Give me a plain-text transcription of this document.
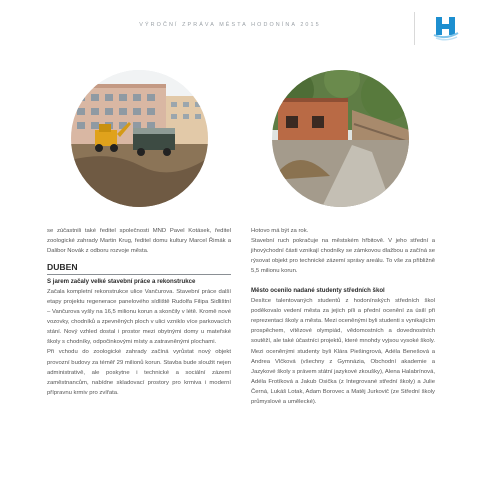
VÝROČNÍ ZPRÁVA MĚSTA HODONÍNA 2015

se zúčastnili také ředitel společnosti MND Pavel Kotásek, ředitel zoologické zahrady Martin Krug, ředitel domu kultury Marcel Řimák a Dalibor Novák z odboru rozvoje města.

DUBEN

S jarem začaly velké stavební práce a rekonstrukce

Začala kompletní rekonstrukce ulice Vančurova. Stavební práce další etapy projektu regenerace panelového sídliště Rudolfa Filipa Sidlištní – Vančurova vyšly na 16,5 milionu korun a skončily v létě. Kromě nové vozovky, chodníků a zpevněných ploch v ulici vzniklo více parkovacích stání. Nový vzhled dostal i prostor mezi obytnými domy u mateřské školy s chodníky, odpočinkovými místy a zatravněnými plochami.

Při vchodu do zoologické zahrady začíná vyrůstat nový objekt provozní budovy za téměř 29 milionů korun. Stavba bude sloužit nejen administrativě, ale poskytne i technické a sociální zázemí zaměstnancům, nabídne skladovací prostory pro krmiva i moderní přípravnu krmiv pro zvířata.

Hotovo má být za rok.

Stavební ruch pokračuje na městském hřbitově. V jeho střední a jihovýchodní části vznikají chodníky se zámkovou dlažbou a začíná se rýsovat objekt pro technické zázemí správy areálu. To vše za přibližně 5,5 milionu korun.

Město ocenilo nadané studenty středních škol

Desítce talentovaných studentů z hodonínských středních škol poděkovalo vedení města za jejich píli a přední ocenění za úsilí při reprezentaci školy a města. Mezi oceněnými byli studenti s vynikajícím prospěchem, vítězové olympiád, vědomostních a dovednostních soutěží, ale také účastníci projektů, které mnohdy vyjsou vysoké školy. Mezi oceněnými studenty byli Klára Piešingrová, Adéla Benešová a Andrea Vlčková (všechny z Gymnázia, Obchodní akademie a Jazykové školy s právem státní jazykové zkoušky), Alena Halabrínová, Adéla Frotíková a Jakub Osička (z Integrované střední školy) a Julie Černá, Lukáš Lotak, Adam Borovec a Matěj Jurkovič (ze Střední školy průmyslové a umělecké).
